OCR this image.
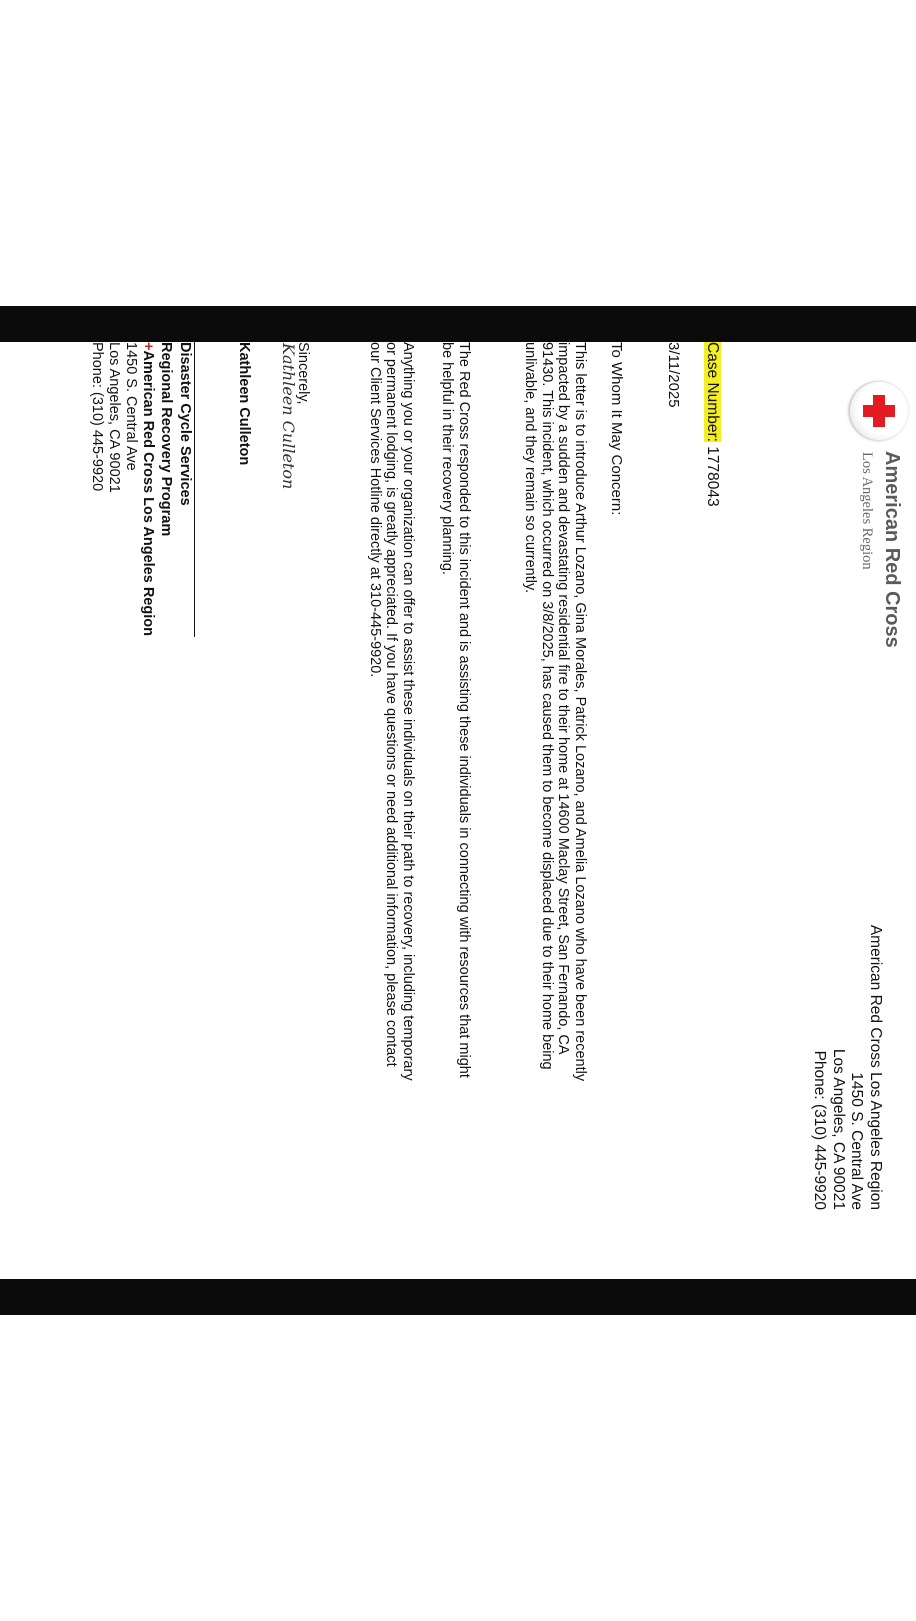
American Red Cross
Los Angeles Region
American Red Cross Los Angeles Region
1450 S. Central Ave
Los Angeles, CA 90021
Phone: (310) 445-9920
Case Number: 1778043
3/11/2025
To Whom It May Concern:
This letter is to introduce Arthur Lozano, Gina Morales, Patrick Lozano, and Amelia Lozano who have been recently impacted by a sudden and devastating residential fire to their home at 14600 Maclay Street, San Fernando, CA 91430. This incident, which occurred on 3/8/2025, has caused them to become displaced due to their home being unlivable, and they remain so currently.
The Red Cross responded to this incident and is assisting these individuals in connecting with resources that might be helpful in their recovery planning.
Anything you or your organization can offer to assist these individuals on their path to recovery, including temporary or permanent lodging, is greatly appreciated. If you have questions or need additional information, please contact our Client Services Hotline directly at 310-445-9920.
Sincerely,
Kathleen Culleton
Kathleen Culleton
Disaster Cycle Services
Regional Recovery Program
+American Red Cross Los Angeles Region
1450 S. Central Ave
Los Angeles, CA 90021
Phone: (310) 445-9920
